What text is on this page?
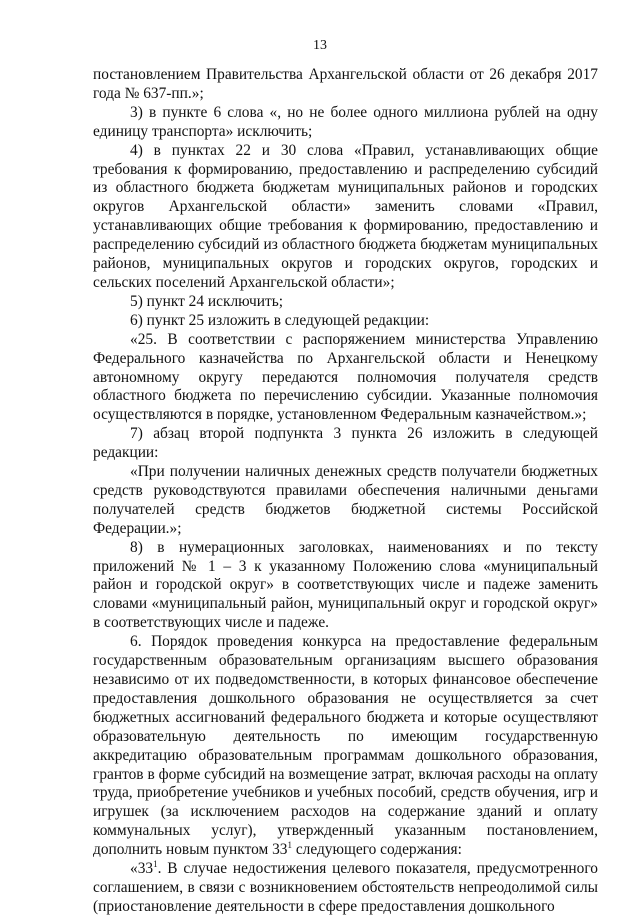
13

постановлением Правительства Архангельской области от 26 декабря 2017 года № 637-пп.»;

3) в пункте 6 слова «, но не более одного миллиона рублей на одну единицу транспорта» исключить;

4) в пунктах 22 и 30 слова «Правил, устанавливающих общие требования к формированию, предоставлению и распределению субсидий из областного бюджета бюджетам муниципальных районов и городских округов Архангельской области» заменить словами «Правил, устанавливающих общие требования к формированию, предоставлению и распределению субсидий из областного бюджета бюджетам муниципальных районов, муниципальных округов и городских округов, городских и сельских поселений Архангельской области»;

5) пункт 24 исключить;

6) пункт 25 изложить в следующей редакции:

«25. В соответствии с распоряжением министерства Управлению Федерального казначейства по Архангельской области и Ненецкому автономному округу передаются полномочия получателя средств областного бюджета по перечислению субсидии. Указанные полномочия осуществляются в порядке, установленном Федеральным казначейством.»;

7) абзац второй подпункта 3 пункта 26 изложить в следующей редакции:

«При получении наличных денежных средств получатели бюджетных средств руководствуются правилами обеспечения наличными деньгами получателей средств бюджетов бюджетной системы Российской Федерации.»;

8) в нумерационных заголовках, наименованиях и по тексту приложений № 1 – 3 к указанному Положению слова «муниципальный район и городской округ» в соответствующих числе и падеже заменить словами «муниципальный район, муниципальный округ и городской округ» в соответствующих числе и падеже.

6. Порядок проведения конкурса на предоставление федеральным государственным образовательным организациям высшего образования независимо от их подведомственности, в которых финансовое обеспечение предоставления дошкольного образования не осуществляется за счет бюджетных ассигнований федерального бюджета и которые осуществляют образовательную деятельность по имеющим государственную аккредитацию образовательным программам дошкольного образования, грантов в форме субсидий на возмещение затрат, включая расходы на оплату труда, приобретение учебников и учебных пособий, средств обучения, игр и игрушек (за исключением расходов на содержание зданий и оплату коммунальных услуг), утвержденный указанным постановлением, дополнить новым пунктом $33^1$ следующего содержания:

«$33^1$. В случае недостижения целевого показателя, предусмотренного соглашением, в связи с возникновением обстоятельств непреодолимой силы (приостановление деятельности в сфере предоставления дошкольного
